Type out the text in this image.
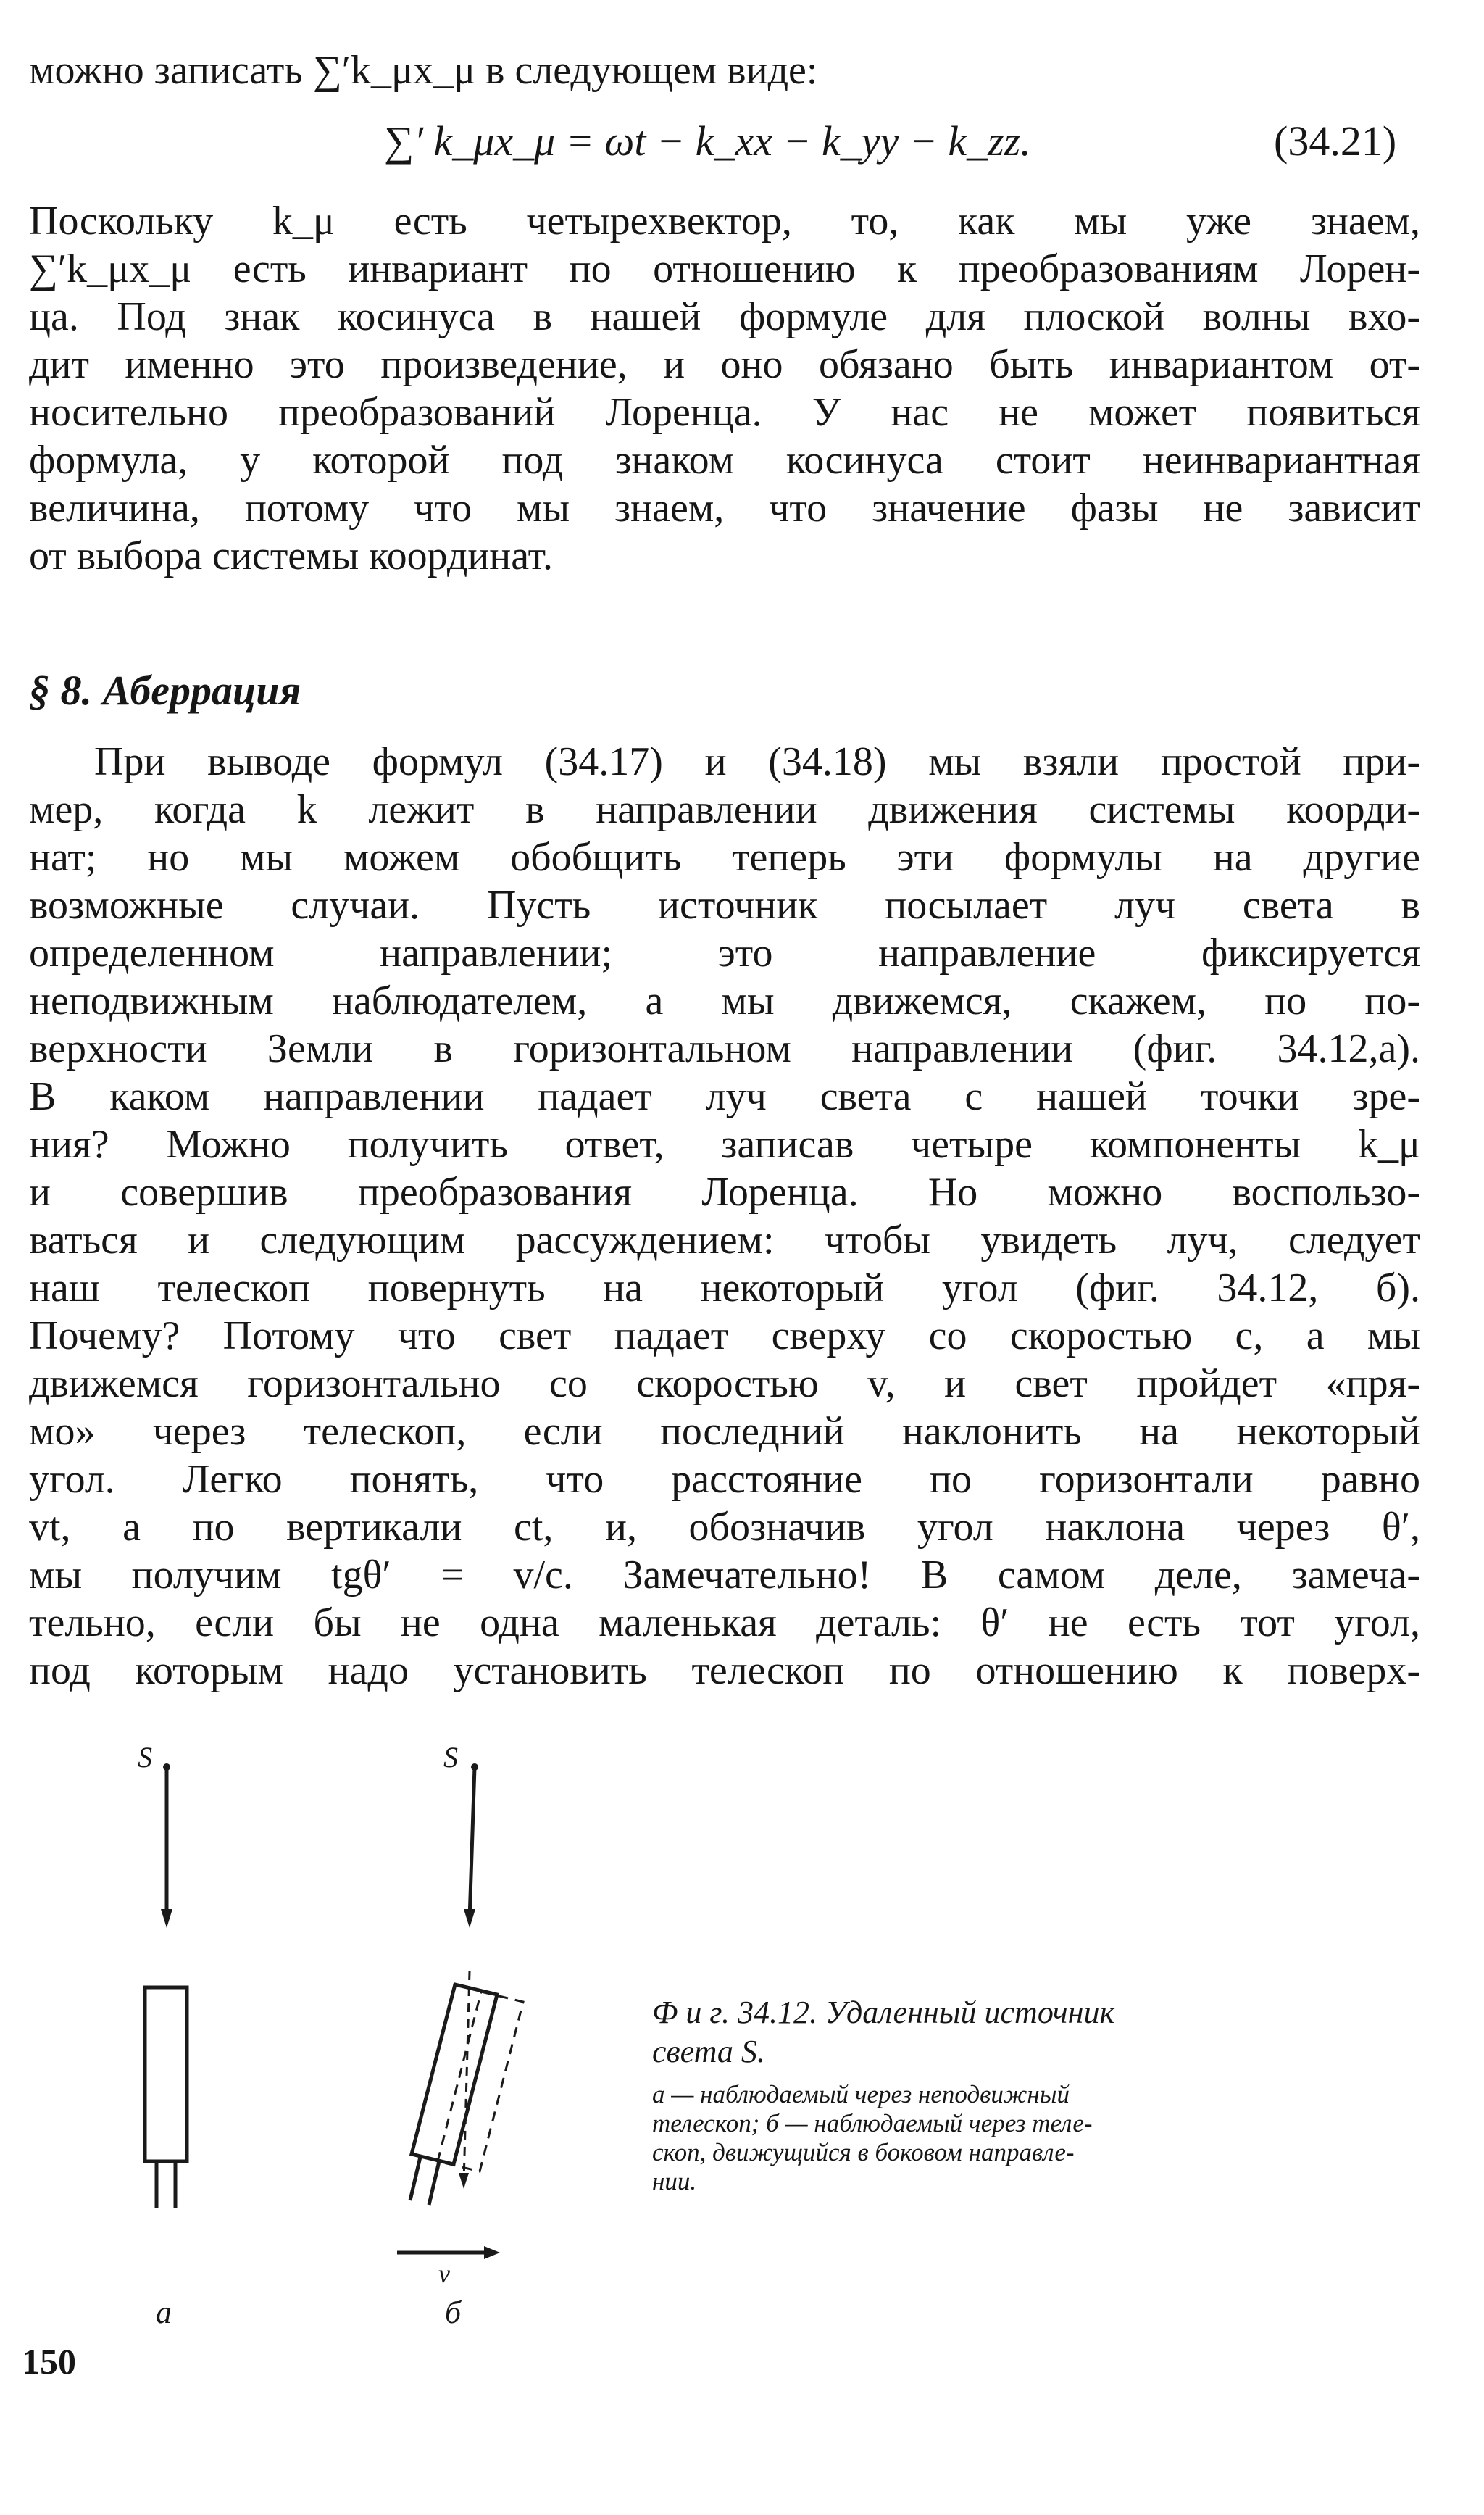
можно записать ∑′k_μx_μ в следующем виде:
∑′ k_μx_μ = ωt − k_xx − k_yy − k_zz.	(34.21)
Поскольку k_μ есть четырехвектор, то, как мы уже знаем,
∑′k_μx_μ есть инвариант по отношению к преобразованиям Лорен-
ца. Под знак косинуса в нашей формуле для плоской волны вхо-
дит именно это произведение, и оно обязано быть инвариантом от-
носительно преобразований Лоренца. У нас не может появиться
формула, у которой под знаком косинуса стоит неинвариантная
величина, потому что мы знаем, что значение фазы не зависит
от выбора системы координат.
§ 8. Аберрация
При выводе формул (34.17) и (34.18) мы взяли простой при-
мер, когда k лежит в направлении движения системы коорди-
нат; но мы можем обобщить теперь эти формулы на другие
возможные случаи. Пусть источник посылает луч света в
определенном направлении; это направление фиксируется
неподвижным наблюдателем, а мы движемся, скажем, по по-
верхности Земли в горизонтальном направлении (фиг. 34.12,а).
В каком направлении падает луч света с нашей точки зре-
ния? Можно получить ответ, записав четыре компоненты k_μ
и совершив преобразования Лоренца. Но можно воспользо-
ваться и следующим рассуждением: чтобы увидеть луч, следует
наш телескоп повернуть на некоторый угол (фиг. 34.12, б).
Почему? Потому что свет падает сверху со скоростью c, а мы
движемся горизонтально со скоростью v, и свет пройдет «пря-
мо» через телескоп, если последний наклонить на некоторый
угол. Легко понять, что расстояние по горизонтали равно
vt, а по вертикали ct, и, обозначив угол наклона через θ′,
мы получим tgθ′ = v/c. Замечательно! В самом деле, замеча-
тельно, если бы не одна маленькая деталь: θ′ не есть тот угол,
под которым надо установить телескоп по отношению к поверх-
S	S
v
а	б
Ф и г. 34.12. Удаленный источник
света S.
а — наблюдаемый через неподвижный
телескоп; б — наблюдаемый через теле-
скоп, движущийся в боковом направле-
нии.
150
